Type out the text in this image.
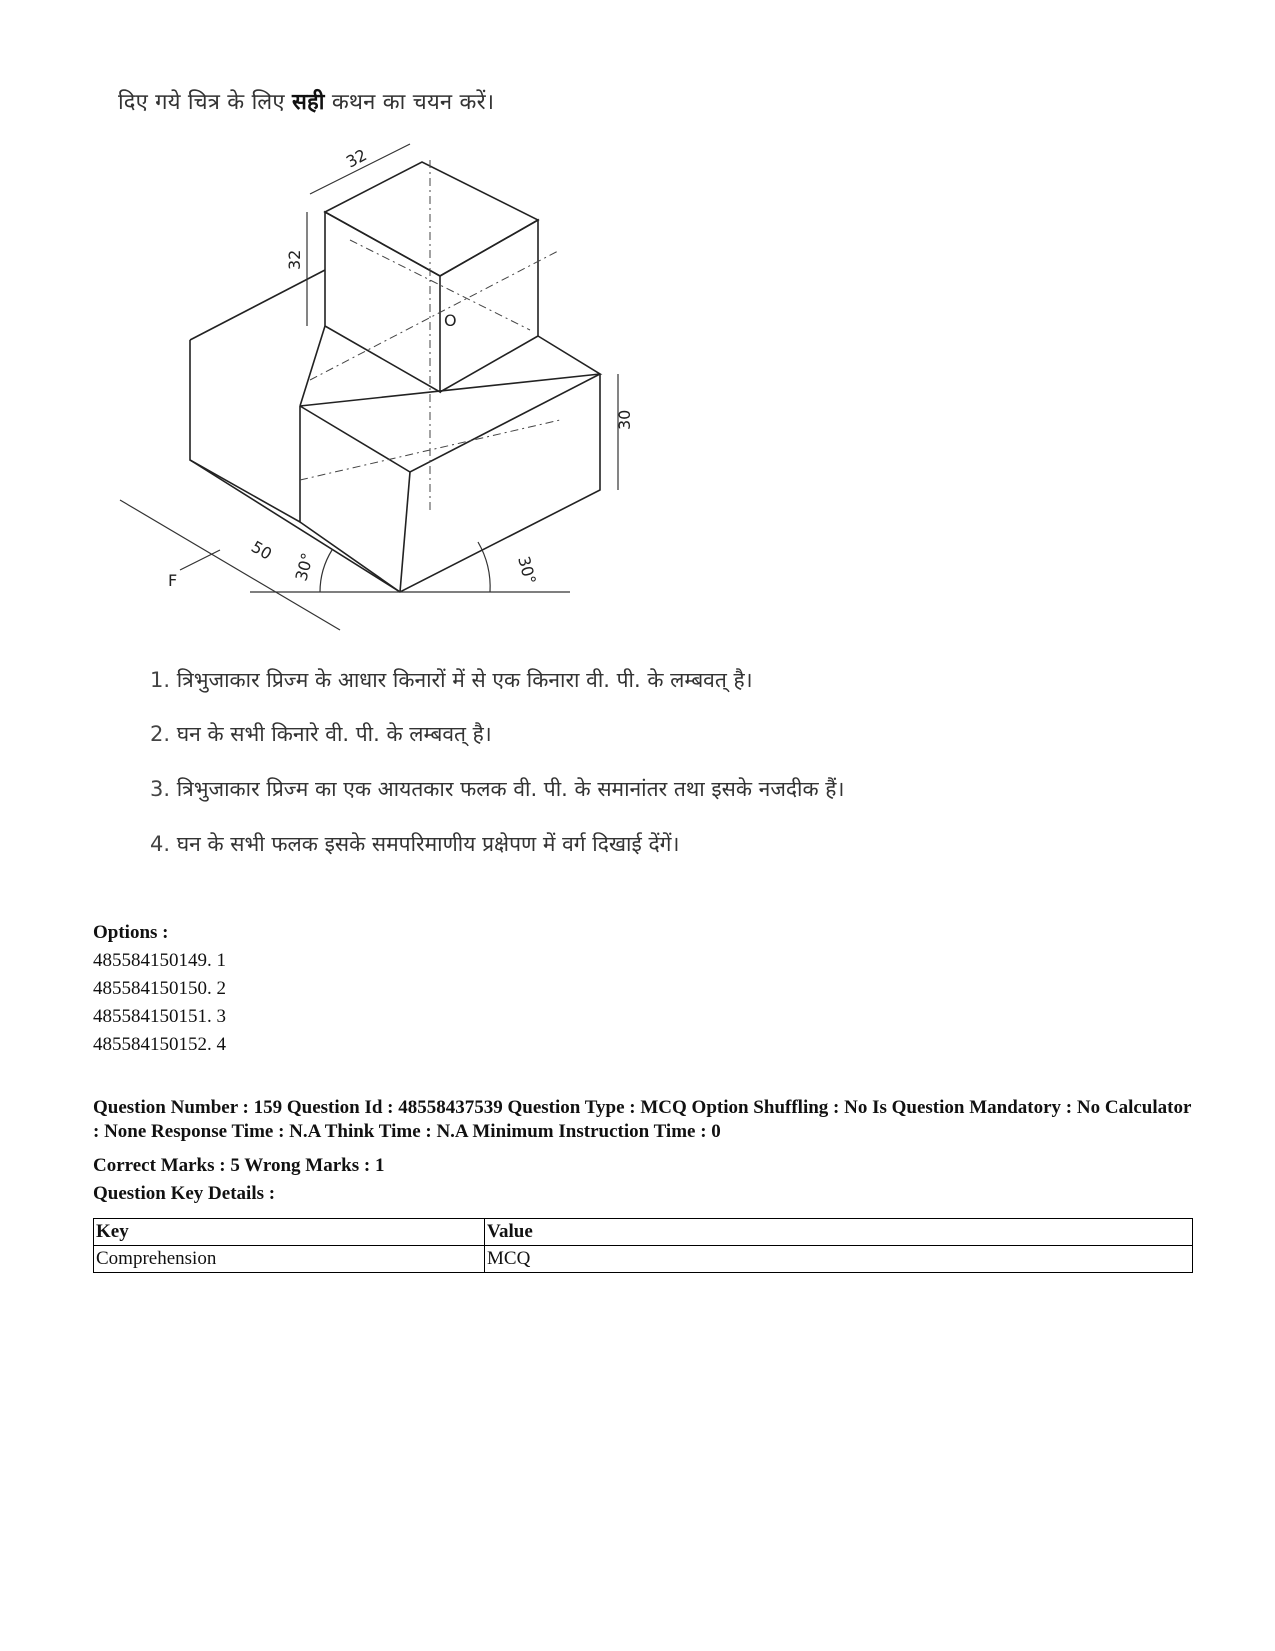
दिए गये चित्र के लिए सही कथन का चयन करें।
32
32
30
50
30°	30°
O
F
1. त्रिभुजाकार प्रिज्म के आधार किनारों में से एक किनारा वी. पी. के लम्बवत् है।
2. घन के सभी किनारे वी. पी. के लम्बवत् है।
3. त्रिभुजाकार प्रिज्म का एक आयतकार फलक वी. पी. के समानांतर तथा इसके नजदीक हैं।
4. घन के सभी फलक इसके समपरिमाणीय प्रक्षेपण में वर्ग दिखाई देंगें।
Options :
485584150149. 1
485584150150. 2
485584150151. 3
485584150152. 4
Question Number : 159 Question Id : 48558437539 Question Type : MCQ Option Shuffling : No Is Question Mandatory : No Calculator : None Response Time : N.A Think Time : N.A Minimum Instruction Time : 0
Correct Marks : 5 Wrong Marks : 1
Question Key Details :
Key	Value
Comprehension	MCQ
